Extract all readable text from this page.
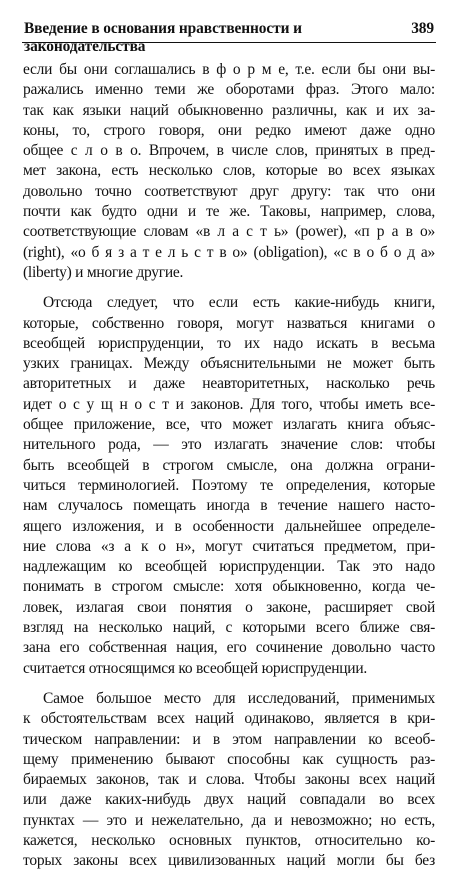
Введение в основания нравственности и законодательства
389
если бы они соглашались в ф о р м е, т.е. если бы они вы-
ражались именно теми же оборотами фраз. Этого мало:
так как языки наций обыкновенно различны, как и их за-
коны, то, строго говоря, они редко имеют даже одно
общее с л о в о. Впрочем, в числе слов, принятых в пред-
мет закона, есть несколько слов, которые во всех языках
довольно точно соответствуют друг другу: так что они
почти как будто одни и те же. Таковы, например, слова,
соответствующие словам «в л а с т ь» (power), «п р а в о»
(right), «о б я з а т е л ь с т в о» (obligation), «с в о б о д а»
(liberty) и многие другие.
Отсюда следует, что если есть какие-нибудь книги,
которые, собственно говоря, могут назваться книгами о
всеобщей юриспруденции, то их надо искать в весьма
узких границах. Между объяснительными не может быть
авторитетных и даже неавторитетных, насколько речь
идет о с у щ н о с т и законов. Для того, чтобы иметь все-
общее приложение, все, что может излагать книга объяс-
нительного рода, — это излагать значение слов: чтобы
быть всеобщей в строгом смысле, она должна ограни-
читься терминологией. Поэтому те определения, которые
нам случалось помещать иногда в течение нашего насто-
ящего изложения, и в особенности дальнейшее определе-
ние слова «з а к о н», могут считаться предметом, при-
надлежащим ко всеобщей юриспруденции. Так это надо
понимать в строгом смысле: хотя обыкновенно, когда че-
ловек, излагая свои понятия о законе, расширяет свой
взгляд на несколько наций, с которыми всего ближе свя-
зана его собственная нация, его сочинение довольно часто
считается относящимся ко всеобщей юриспруденции.
Самое большое место для исследований, применимых
к обстоятельствам всех наций одинаково, является в кри-
тическом направлении: и в этом направлении ко всеоб-
щему применению бывают способны как сущность раз-
бираемых законов, так и слова. Чтобы законы всех наций
или даже каких-нибудь двух наций совпадали во всех
пунктах — это и нежелательно, да и невозможно; но есть,
кажется, несколько основных пунктов, относительно ко-
торых законы всех цивилизованных наций могли бы без
